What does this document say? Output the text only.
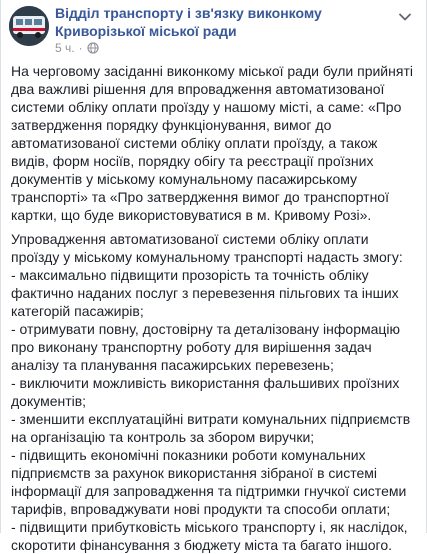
Відділ транспорту і зв'язку виконкому Криворізької міської ради
5 ч. ·

На черговому засіданні виконкому міської ради були прийняті два важливі рішення для впровадження автоматизованої системи обліку оплати проїзду у нашому місті, а саме: «Про затвердження порядку функціонування, вимог до автоматизованої системи обліку оплати проїзду, а також видів, форм носіїв, порядку обігу та реєстрації проїзних документів у міському комунальному пасажирському транспорті» та «Про затвердження вимог до транспортної картки, що буде використовуватися в м. Кривому Розі».

Упровадження автоматизованої системи обліку оплати проїзду у міському комунальному транспорті надасть змогу:
- максимально підвищити прозорість та точність обліку фактично наданих послуг з перевезення пільгових та інших категорій пасажирів;
- отримувати повну, достовірну та деталізовану інформацію про виконану транспортну роботу для вирішення задач аналізу та планування пасажирських перевезень;
- виключити можливість використання фальшивих проїзних документів;
- зменшити експлуатаційні витрати комунальних підприємств на організацію та контроль за збором виручки;
- підвищить економічні показники роботи комунальних підприємств за рахунок використання зібраної в системі інформації для запровадження та підтримки гнучкої системи тарифів, впроваджувати нові продукти та способи оплати;
- підвищити прибутковість міського транспорту і, як наслідок, скоротити фінансування з бюджету міста та багато іншого.
